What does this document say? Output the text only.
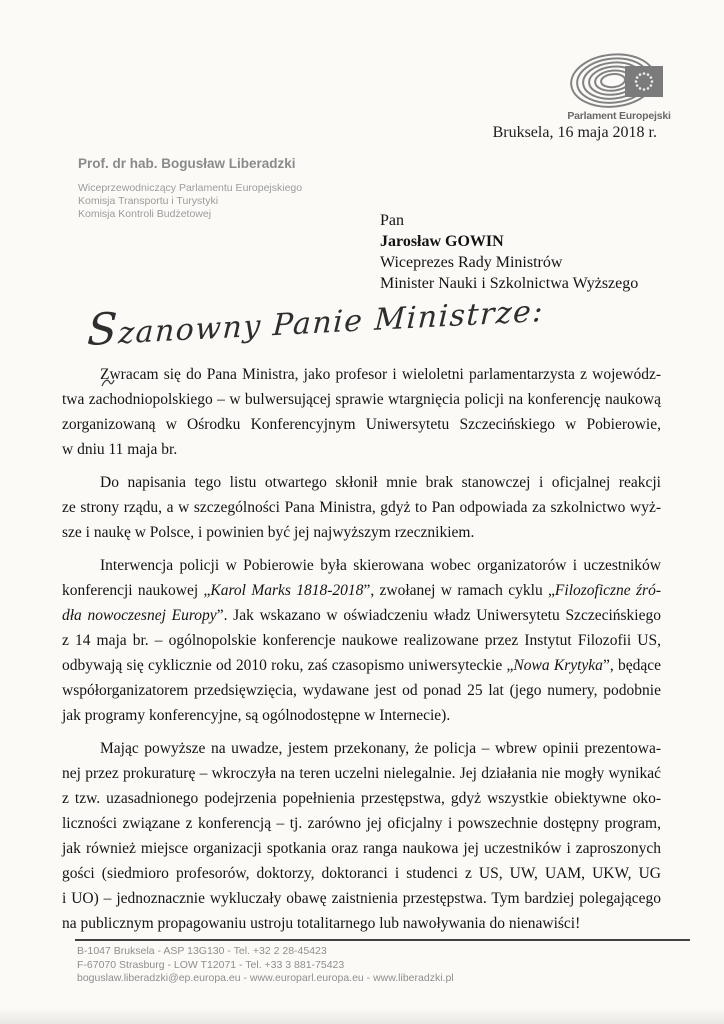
Parlament Europejski
Bruksela, 16 maja 2018 r.
Prof. dr hab. Bogusław Liberadzki
Wiceprzewodniczący Parlamentu Europejskiego
Komisja Transportu i Turystyki
Komisja Kontroli Budżetowej	Pan
Jarosław GOWIN
Wiceprezes Rady Ministrów
Minister Nauki i Szkolnictwa Wyższego
Szanowny Panie Ministrze:

Zwracam się do Pana Ministra, jako profesor i wieloletni parlamentarzysta z wojewódz-
twa zachodniopolskiego – w bulwersującej sprawie wtargnięcia policji na konferencję naukową
zorganizowaną w Ośrodku Konferencyjnym Uniwersytetu Szczecińskiego w Pobierowie,
w dniu 11 maja br.

Do napisania tego listu otwartego skłonił mnie brak stanowczej i oficjalnej reakcji
ze strony rządu, a w szczególności Pana Ministra, gdyż to Pan odpowiada za szkolnictwo wyż-
sze i naukę w Polsce, i powinien być jej najwyższym rzecznikiem.

Interwencja policji w Pobierowie była skierowana wobec organizatorów i uczestników
konferencji naukowej „Karol Marks 1818-2018”, zwołanej w ramach cyklu „Filozoficzne źró-
dła nowoczesnej Europy”. Jak wskazano w oświadczeniu władz Uniwersytetu Szczecińskiego
z 14 maja br. – ogólnopolskie konferencje naukowe realizowane przez Instytut Filozofii US,
odbywają się cyklicznie od 2010 roku, zaś czasopismo uniwersyteckie „Nowa Krytyka”, będące
współorganizatorem przedsięwzięcia, wydawane jest od ponad 25 lat (jego numery, podobnie
jak programy konferencyjne, są ogólnodostępne w Internecie).

Mając powyższe na uwadze, jestem przekonany, że policja – wbrew opinii prezentowa-
nej przez prokuraturę – wkroczyła na teren uczelni nielegalnie. Jej działania nie mogły wynikać
z tzw. uzasadnionego podejrzenia popełnienia przestępstwa, gdyż wszystkie obiektywne oko-
liczności związane z konferencją – tj. zarówno jej oficjalny i powszechnie dostępny program,
jak również miejsce organizacji spotkania oraz ranga naukowa jej uczestników i zaproszonych
gości (siedmioro profesorów, doktorzy, doktoranci i studenci z US, UW, UAM, UKW, UG
i UO) – jednoznacznie wykluczały obawę zaistnienia przestępstwa. Tym bardziej polegającego
na publicznym propagowaniu ustroju totalitarnego lub nawoływania do nienawiści!

B-1047 Bruksela - ASP 13G130 - Tel. +32 2 28-45423
F-67070 Strasburg - LOW T12071 - Tel. +33 3 881-75423
boguslaw.liberadzki@ep.europa.eu - www.europarl.europa.eu - www.liberadzki.pl
